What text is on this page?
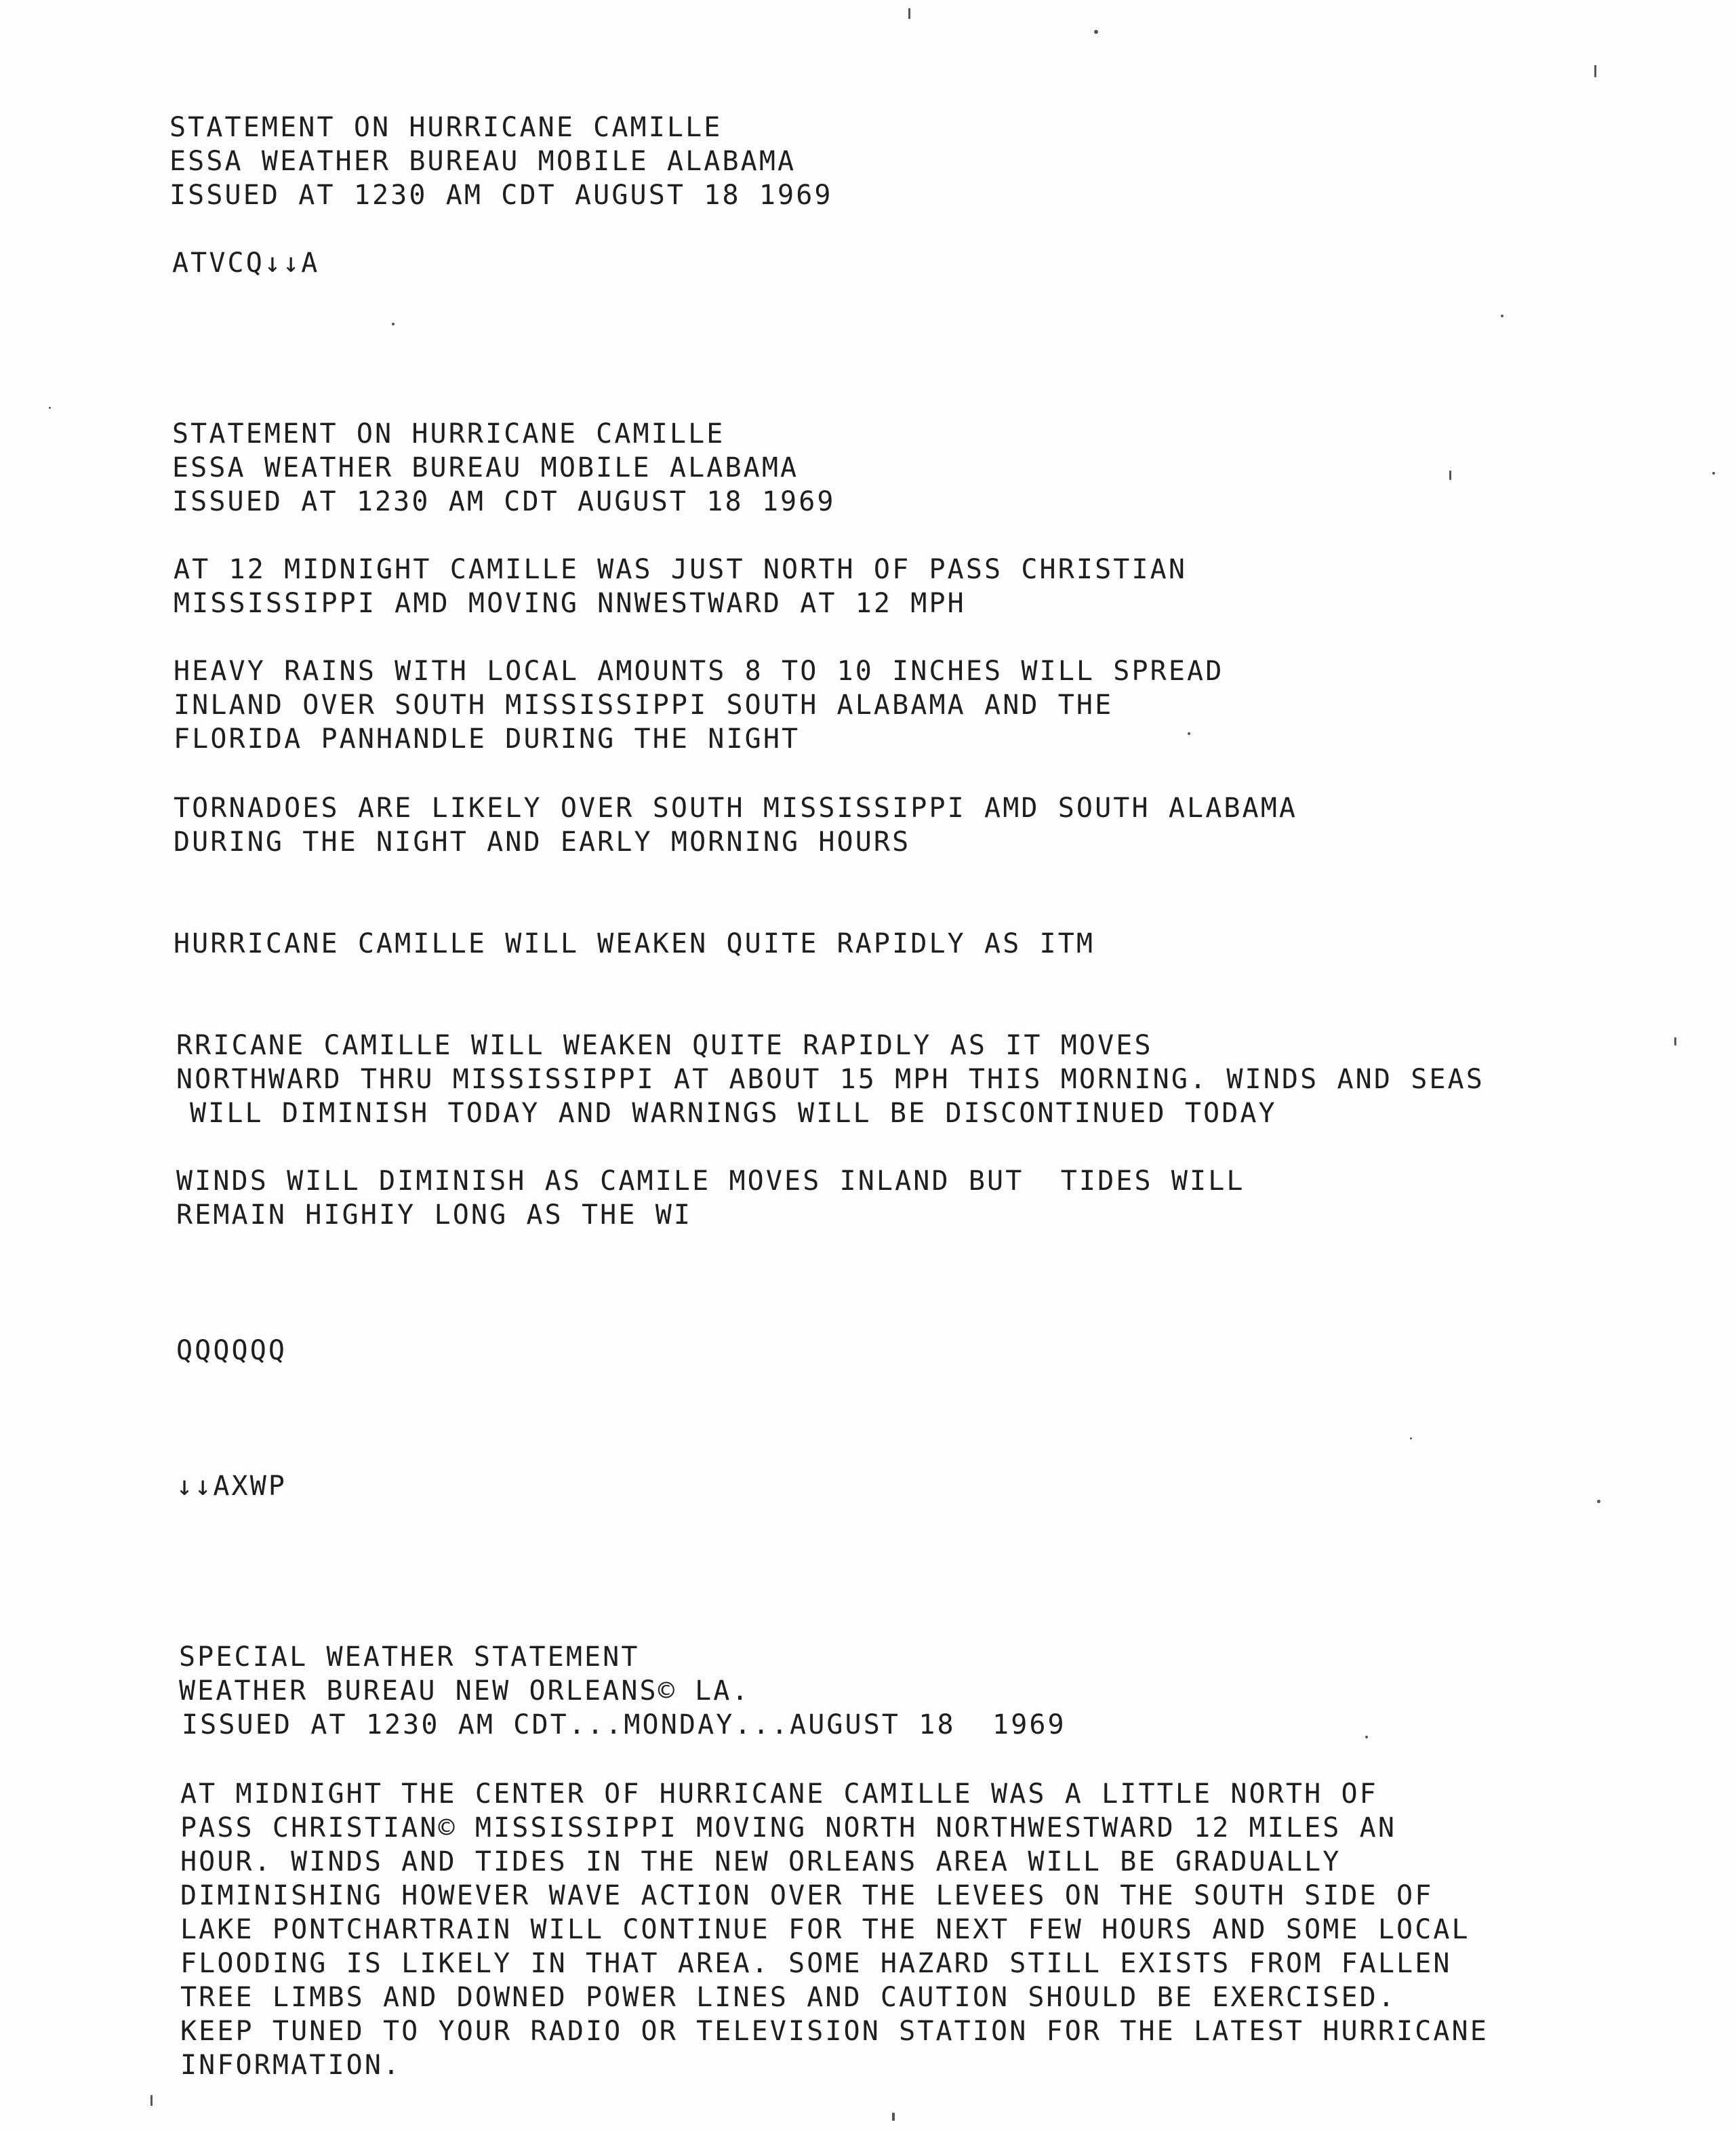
STATEMENT ON HURRICANE CAMILLE
ESSA WEATHER BUREAU MOBILE ALABAMA
ISSUED AT 1230 AM CDT AUGUST 18 1969
ATVCQ↓↓A
STATEMENT ON HURRICANE CAMILLE
ESSA WEATHER BUREAU MOBILE ALABAMA
ISSUED AT 1230 AM CDT AUGUST 18 1969
AT 12 MIDNIGHT CAMILLE WAS JUST NORTH OF PASS CHRISTIAN
MISSISSIPPI AMD MOVING NNWESTWARD AT 12 MPH
HEAVY RAINS WITH LOCAL AMOUNTS 8 TO 10 INCHES WILL SPREAD
INLAND OVER SOUTH MISSISSIPPI SOUTH ALABAMA AND THE
FLORIDA PANHANDLE DURING THE NIGHT
TORNADOES ARE LIKELY OVER SOUTH MISSISSIPPI AMD SOUTH ALABAMA
DURING THE NIGHT AND EARLY MORNING HOURS
HURRICANE CAMILLE WILL WEAKEN QUITE RAPIDLY AS ITM
RRICANE CAMILLE WILL WEAKEN QUITE RAPIDLY AS IT MOVES
NORTHWARD THRU MISSISSIPPI AT ABOUT 15 MPH THIS MORNING. WINDS AND SEAS
WILL DIMINISH TODAY AND WARNINGS WILL BE DISCONTINUED TODAY
WINDS WILL DIMINISH AS CAMILE MOVES INLAND BUT  TIDES WILL
REMAIN HIGHIY LONG AS THE WI
QQQQQQ
↓↓AXWP
SPECIAL WEATHER STATEMENT
WEATHER BUREAU NEW ORLEANS© LA.
ISSUED AT 1230 AM CDT...MONDAY...AUGUST 18  1969
AT MIDNIGHT THE CENTER OF HURRICANE CAMILLE WAS A LITTLE NORTH OF
PASS CHRISTIAN© MISSISSIPPI MOVING NORTH NORTHWESTWARD 12 MILES AN
HOUR. WINDS AND TIDES IN THE NEW ORLEANS AREA WILL BE GRADUALLY
DIMINISHING HOWEVER WAVE ACTION OVER THE LEVEES ON THE SOUTH SIDE OF
LAKE PONTCHARTRAIN WILL CONTINUE FOR THE NEXT FEW HOURS AND SOME LOCAL
FLOODING IS LIKELY IN THAT AREA. SOME HAZARD STILL EXISTS FROM FALLEN
TREE LIMBS AND DOWNED POWER LINES AND CAUTION SHOULD BE EXERCISED.
KEEP TUNED TO YOUR RADIO OR TELEVISION STATION FOR THE LATEST HURRICANE
INFORMATION.
